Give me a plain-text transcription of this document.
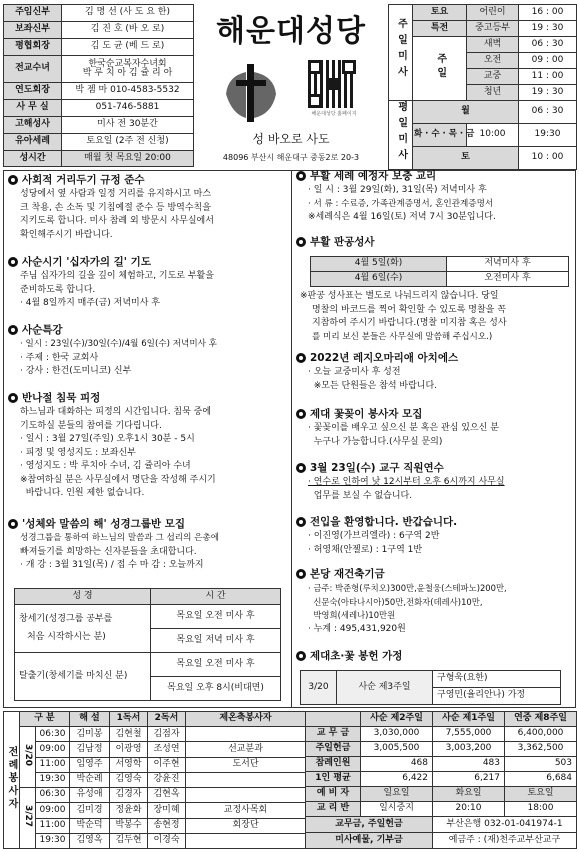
주임신부	김 명 선 (사 도 요 한)
보좌신부	김 진 호 (바 오 로)
평협회장	김 도 균 (베 드 로)
전교수녀	한국순교복자수녀회
박 루 치 아 김 쥴 리 아

연도회장	박 젬 마 010-4583-5532
사 무 실	051-746-5881
고해성사	미사 전 30분간
유아세례	토요일 (2주 전 신청)
성시간	매월 첫 목요일 20:00
해운대성당
해운대성당 홈페이지
성 바오로 사도
48096 부산시 해운대구 중동2로 20-3
주일미사	토요	어린이	16 : 00
	특전	중고등부	19 : 30
	주일	새벽	06 : 30
		오전	09 : 00
		교중	11 : 00
		청년	19 : 30
평일미사	월		06 : 30
	화 · 수 · 목 · 금	10:00	19:30
	토		10 : 00
사회적 거리두기 규정 준수
성당에서 옆 사람과 일정 거리를 유지하시고 마스
크 착용, 손 소독 및 기침예절 준수 등 방역수칙을
지키도록 합니다. 미사 참례 외 방문시 사무실에서
확인해주시기 바랍니다.
사순시기 '십자가의 길' 기도
주님 십자가의 길을 깊이 체험하고, 기도로 부활을
준비하도록 합니다.
· 4월 8일까지 매주(금) 저녁미사 후
사순특강
· 일시 : 23일(수)/30일(수)/4월 6일(수) 저녁미사 후
· 주제 : 한국 교회사
· 강사 : 한건(도미니코) 신부
반나절 침묵 피정
하느님과 대화하는 피정의 시간입니다. 침묵 중에
기도하실 분들의 참여를 기다립니다.
· 일시 : 3월 27일(주일) 오후1시 30분 - 5시
· 피정 및 영성지도 : 보좌신부
· 영성지도 : 박 루치아 수녀, 김 쥴리아 수녀
※참여하실 분은 사무실에서 명단을 작성해 주시기
바랍니다. 인원 제한 없습니다.
'성체와 말씀의 해' 성경그룹반 모집
성경그룹을 통하여 하느님의 말씀과 그 섭리의 은총에
빠져들기를 희망하는 신자분들을 초대합니다.
· 개 강 : 3월 31일(목) / 접 수 마 감 : 오늘까지
성 경	시 간

창세기(성경그룹 공부를
처음 시작하시는 분)	목요일 오전 미사 후
	목요일 저녁 미사 후
탈출기(창세기를 마치신 분)	목요일 오전 미사 후
	목요일 오후 8시(비대면)
부활 세례 예정자 보충 교리
· 일 시 : 3월 29일(화), 31일(목) 저녁미사 후
· 서 류 : 수료증, 가족관계증명서, 혼인관계증명서
※세례식은 4월 16일(토) 저녁 7시 30분입니다.
부활 판공성사
4월 5일(화)	저녁미사 후
4월 6일(수)	오전미사 후
※판공 성사표는 별도로 나눠드리지 않습니다. 당일
명찰의 바코드를 찍어 확인할 수 있도록 명찰을 꼭
지참하여 주시기 바랍니다.(명찰 미지참 혹은 성사
를 미리 보신 분들은 사무실에 말씀해 주십시오.)
2022년 레지오마리애 아치에스
· 오늘 교중미사 후 성전
※모든 단원들은 참석 바랍니다.
제대 꽃꽂이 봉사자 모집
· 꽃꽂이를 배우고 싶으신 분 혹은 관심 있으신 분
누구나 가능합니다.(사무실 문의)
3월 23일(수) 교구 직원연수
· 연수로 인하여 낮 12시부터 오후 6시까지 사무실
업무를 보실 수 없습니다.
전입을 환영합니다. 반갑습니다.
· 이진영(가브리엘라) : 6구역 2반
· 허영채(안젤로) : 1구역 1반
본당 재건축기금
· 금주: 박준형(루치오)300만,윤철웅(스테파노)200만,
신문숙(아타나시아)50만,전화자(데레사)10만,
박영희(세레나)10만원
· 누계 : 495,431,920원
제대초·꽃 봉헌 가정
3/20	사순 제3주일	구형욱(요한)
구영민(율리안나) 가정
전례봉사자	구 분		해 설	1독서	2독서	제온축봉사자
	3/20	06:30	김미봉	김현철	김점자	
		09:00	김남정	이광영	조성연	선교분과
		11:00	임영주	서영학	이주현	도서단
		19:30	박순례	김영숙	강윤진	
	3/27	06:30	유성애	김경자	김현옥	
		09:00	김미경	정윤화	장미혜	교정사목회
		11:00	박순덕	박봉수	송현정	회장단
		19:30	김영옥	김두현	이경숙	
	사순 제2주일	사순 제1주일	연중 제8주일
교 무 금	3,030,000	7,555,000	6,400,000
주일헌금	3,005,500	3,003,200	3,362,500
참례인원	468	483	503
1인 평균	6,422	6,217	6,684
예 비 자	일요일	화요일	토요일
교 리 반	일시중지	20:10	18:00
교무금, 주일헌금		부산은행 032-01-041974-1	
미사예물, 기부금		예금주 : (재)천주교부산교구	
